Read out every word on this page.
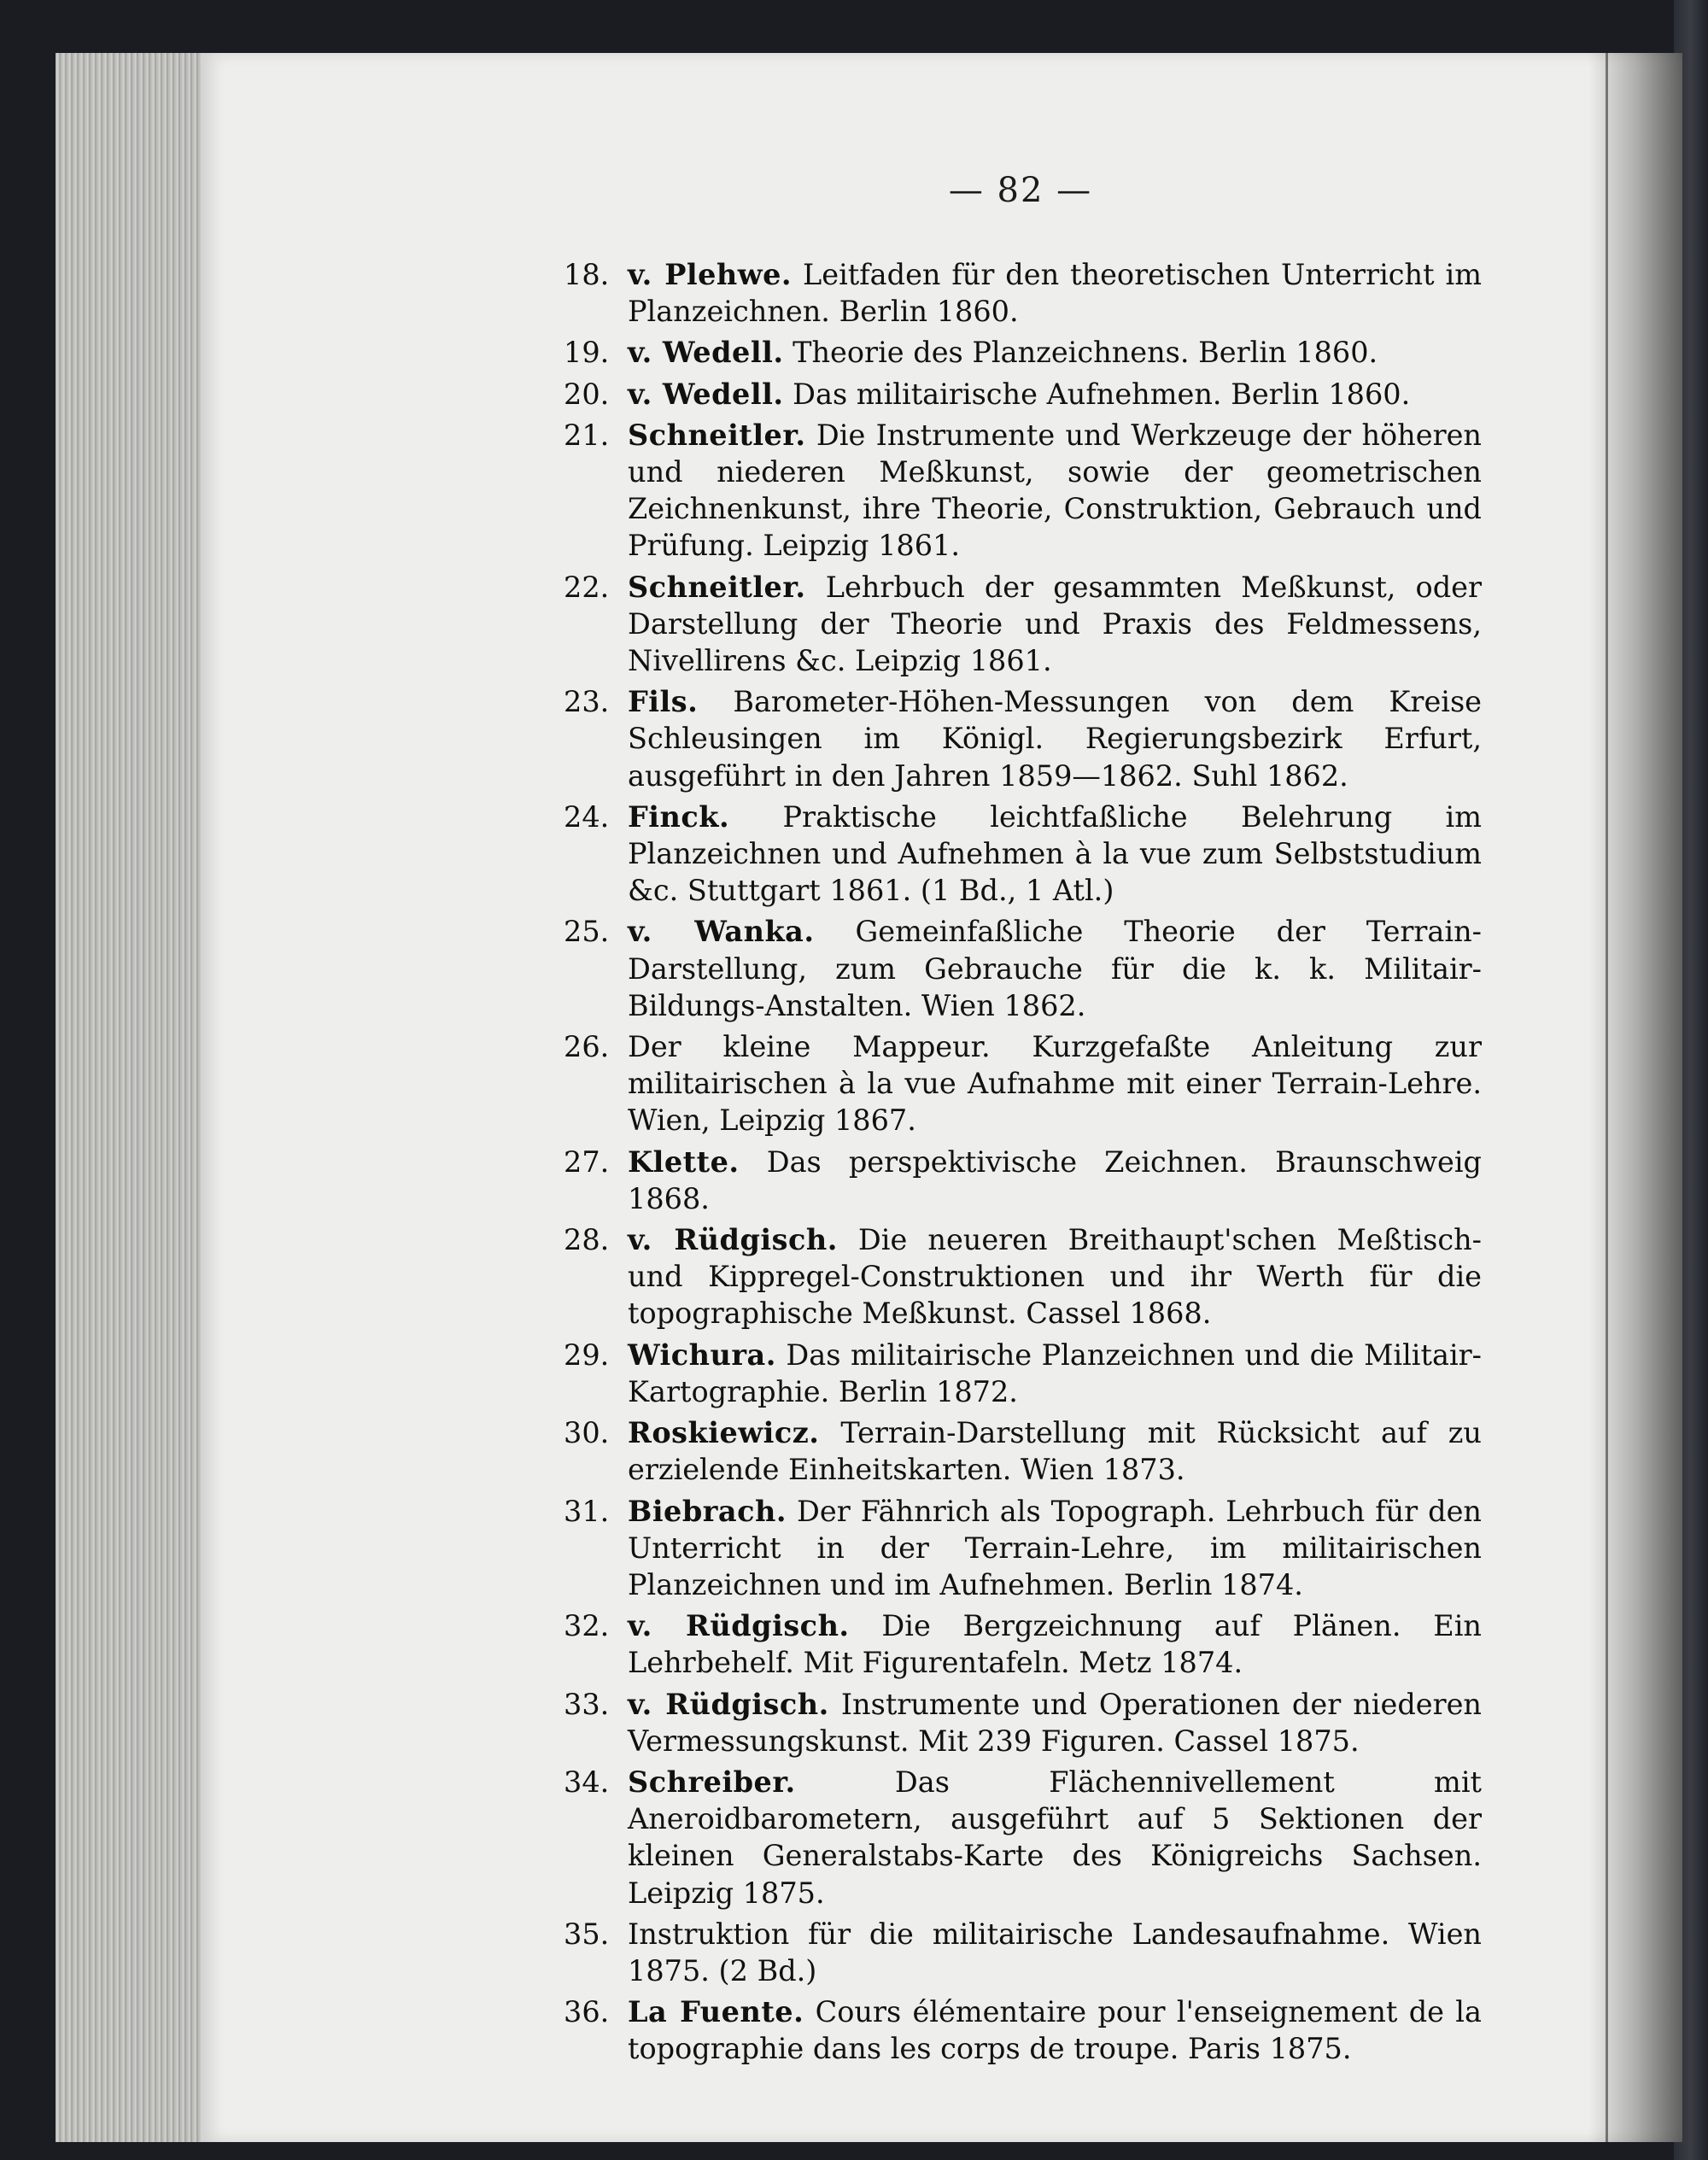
— 82 —
18. v. Plehwe. Leitfaden für den theoretischen Unterricht im Planzeichnen. Berlin 1860.
19. v. Wedell. Theorie des Planzeichnens. Berlin 1860.
20. v. Wedell. Das militairische Aufnehmen. Berlin 1860.
21. Schneitler. Die Instrumente und Werkzeuge der höheren und niederen Meßkunst, sowie der geometrischen Zeichnenkunst, ihre Theorie, Construktion, Gebrauch und Prüfung. Leipzig 1861.
22. Schneitler. Lehrbuch der gesammten Meßkunst, oder Darstellung der Theorie und Praxis des Feldmessens, Nivellirens &c. Leipzig 1861.
23. Fils. Barometer-Höhen-Messungen von dem Kreise Schleusingen im Königl. Regierungsbezirk Erfurt, ausgeführt in den Jahren 1859—1862. Suhl 1862.
24. Finck. Praktische leichtfaßliche Belehrung im Planzeichnen und Aufnehmen à la vue zum Selbststudium &c. Stuttgart 1861. (1 Bd., 1 Atl.)
25. v. Wanka. Gemeinfaßliche Theorie der Terrain-Darstellung, zum Gebrauche für die k. k. Militair-Bildungs-Anstalten. Wien 1862.
26. Der kleine Mappeur. Kurzgefaßte Anleitung zur militairischen à la vue Aufnahme mit einer Terrain-Lehre. Wien, Leipzig 1867.
27. Klette. Das perspektivische Zeichnen. Braunschweig 1868.
28. v. Rüdgisch. Die neueren Breithaupt'schen Meßtisch- und Kippregel-Construktionen und ihr Werth für die topographische Meßkunst. Cassel 1868.
29. Wichura. Das militairische Planzeichnen und die Militair-Kartographie. Berlin 1872.
30. Roskiewicz. Terrain-Darstellung mit Rücksicht auf zu erzielende Einheitskarten. Wien 1873.
31. Biebrach. Der Fähnrich als Topograph. Lehrbuch für den Unterricht in der Terrain-Lehre, im militairischen Planzeichnen und im Aufnehmen. Berlin 1874.
32. v. Rüdgisch. Die Bergzeichnung auf Plänen. Ein Lehrbehelf. Mit Figurentafeln. Metz 1874.
33. v. Rüdgisch. Instrumente und Operationen der niederen Vermessungskunst. Mit 239 Figuren. Cassel 1875.
34. Schreiber.	Das Flächennivellement mit Aneroidbarometern, ausgeführt auf 5 Sektionen der kleinen Generalstabs-Karte des Königreichs Sachsen. Leipzig 1875.
35. Instruktion für die militairische Landesaufnahme. Wien 1875. (2 Bd.)
36. La Fuente. Cours élémentaire pour l'enseignement de la topographie dans les corps de troupe. Paris 1875.
